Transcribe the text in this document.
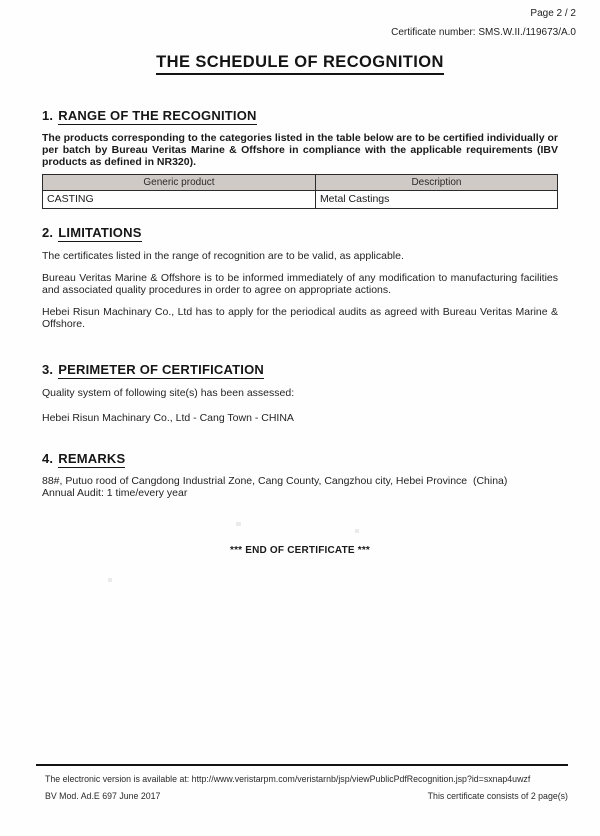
Page 2 / 2
Certificate number: SMS.W.II./119673/A.0
THE SCHEDULE OF RECOGNITION
1. RANGE OF THE RECOGNITION

The products corresponding to the categories listed in the table below are to be certified individually or per batch by Bureau Veritas Marine & Offshore in compliance with the applicable requirements (IBV products as defined in NR320).

Generic product	Description
CASTING	Metal Castings
2. LIMITATIONS

The certificates listed in the range of recognition are to be valid, as applicable.

Bureau Veritas Marine & Offshore is to be informed immediately of any modification to manufacturing facilities and associated quality procedures in order to agree on appropriate actions.

Hebei Risun Machinary Co., Ltd has to apply for the periodical audits as agreed with Bureau Veritas Marine & Offshore.

3. PERIMETER OF CERTIFICATION

Quality system of following site(s) has been assessed:

Hebei Risun Machinary Co., Ltd - Cang Town - CHINA

4. REMARKS

88#, Putuo rood of Cangdong Industrial Zone, Cang County, Cangzhou city, Hebei Province  (China)

Annual Audit: 1 time/every year

*** END OF CERTIFICATE ***
The electronic version is available at: http://www.veristarpm.com/veristarnb/jsp/viewPublicPdfRecognition.jsp?id=sxnap4uwzf
BV Mod. Ad.E 697 June 2017	This certificate consists of 2 page(s)
